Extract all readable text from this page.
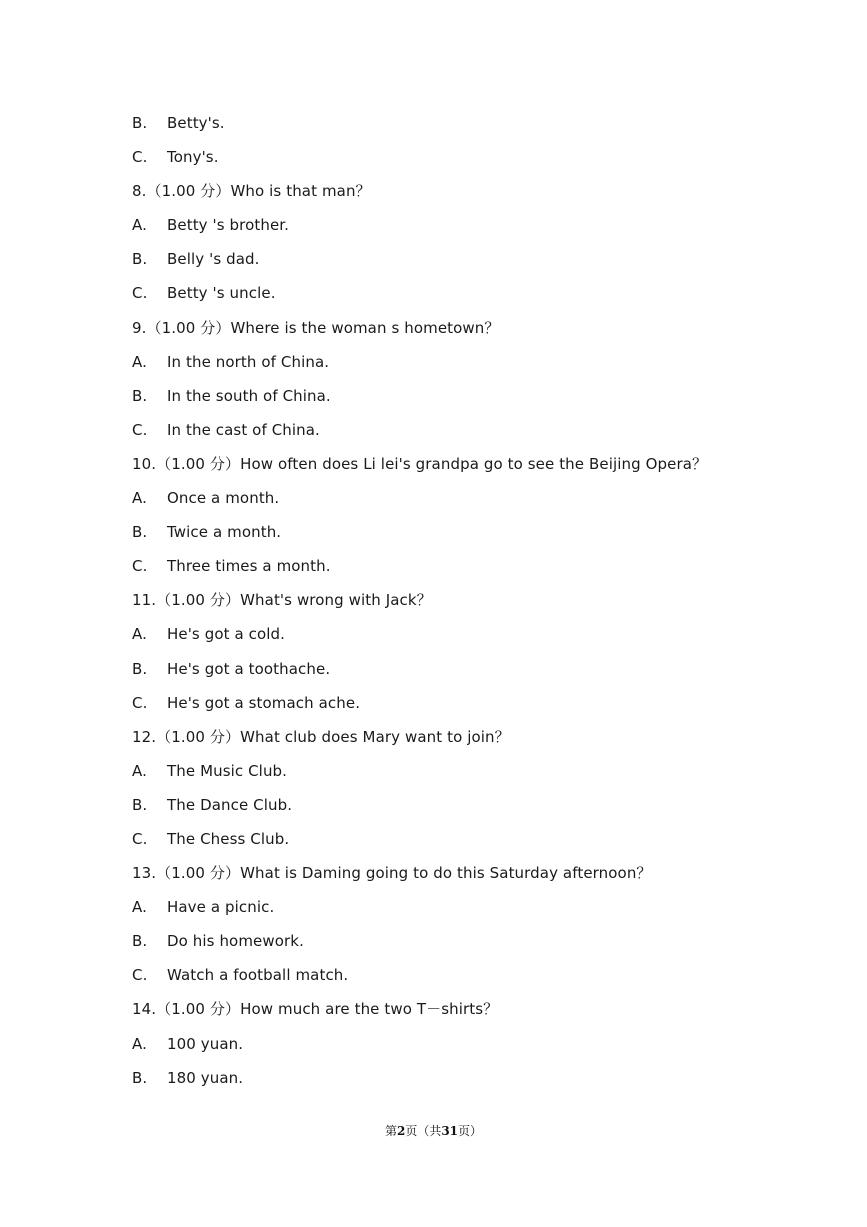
B. Betty's.
C. Tony's.
8.（1.00 分）Who is that man？
A. Betty 's brother.
B. Belly 's dad.
C. Betty 's uncle.
9.（1.00 分）Where is the woman s hometown？
A. In the north of China.
B. In the south of China.
C. In the cast of China.
10.（1.00 分）How often does Li lei's grandpa go to see the Beijing Opera？
A. Once a month.
B. Twice a month.
C. Three times a month.
11.（1.00 分）What's wrong with Jack？
A. He's got a cold.
B. He's got a toothache.
C. He's got a stomach ache.
12.（1.00 分）What club does Mary want to join？
A. The Music Club.
B. The Dance Club.
C. The Chess Club.
13.（1.00 分）What is Daming going to do this Saturday afternoon？
A. Have a picnic.
B. Do his homework.
C. Watch a football match.
14.（1.00 分）How much are the two T－shirts？
A. 100 yuan.
B. 180 yuan.
第2页（共31页）
